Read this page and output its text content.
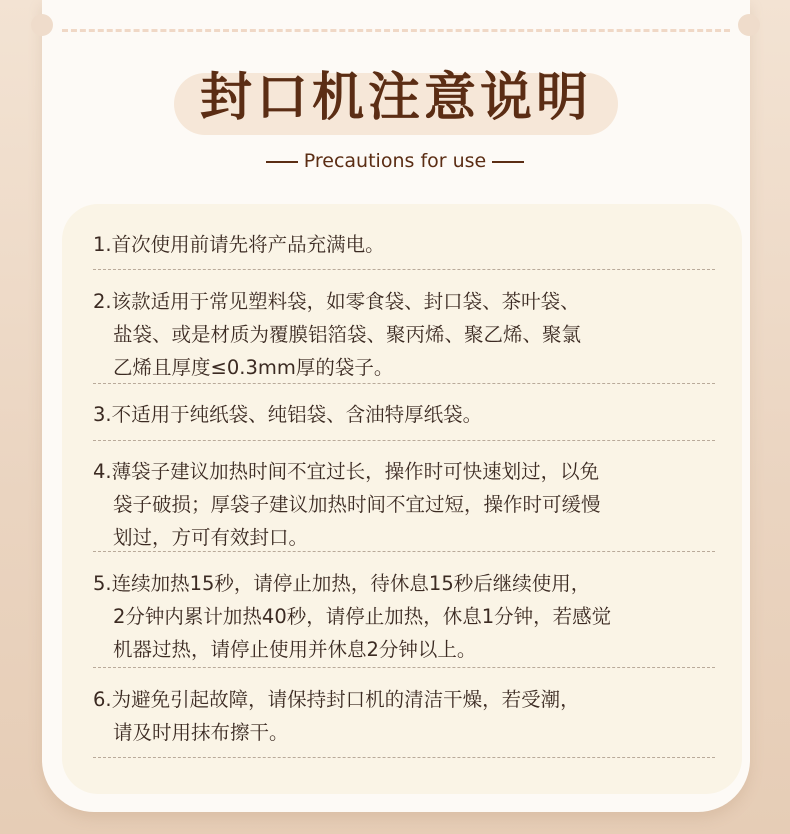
封口机注意说明
Precautions for use
1.首次使用前请先将产品充满电。
2.该款适用于常见塑料袋，如零食袋、封口袋、茶叶袋、
盐袋、或是材质为覆膜铝箔袋、聚丙烯、聚乙烯、聚氯
乙烯且厚度≤0.3mm厚的袋子。
3.不适用于纯纸袋、纯铝袋、含油特厚纸袋。
4.薄袋子建议加热时间不宜过长，操作时可快速划过，以免
袋子破损；厚袋子建议加热时间不宜过短，操作时可缓慢
划过，方可有效封口。
5.连续加热15秒，请停止加热，待休息15秒后继续使用，
2分钟内累计加热40秒，请停止加热，休息1分钟，若感觉
机器过热，请停止使用并休息2分钟以上。
6.为避免引起故障，请保持封口机的清洁干燥，若受潮，
请及时用抹布擦干。
